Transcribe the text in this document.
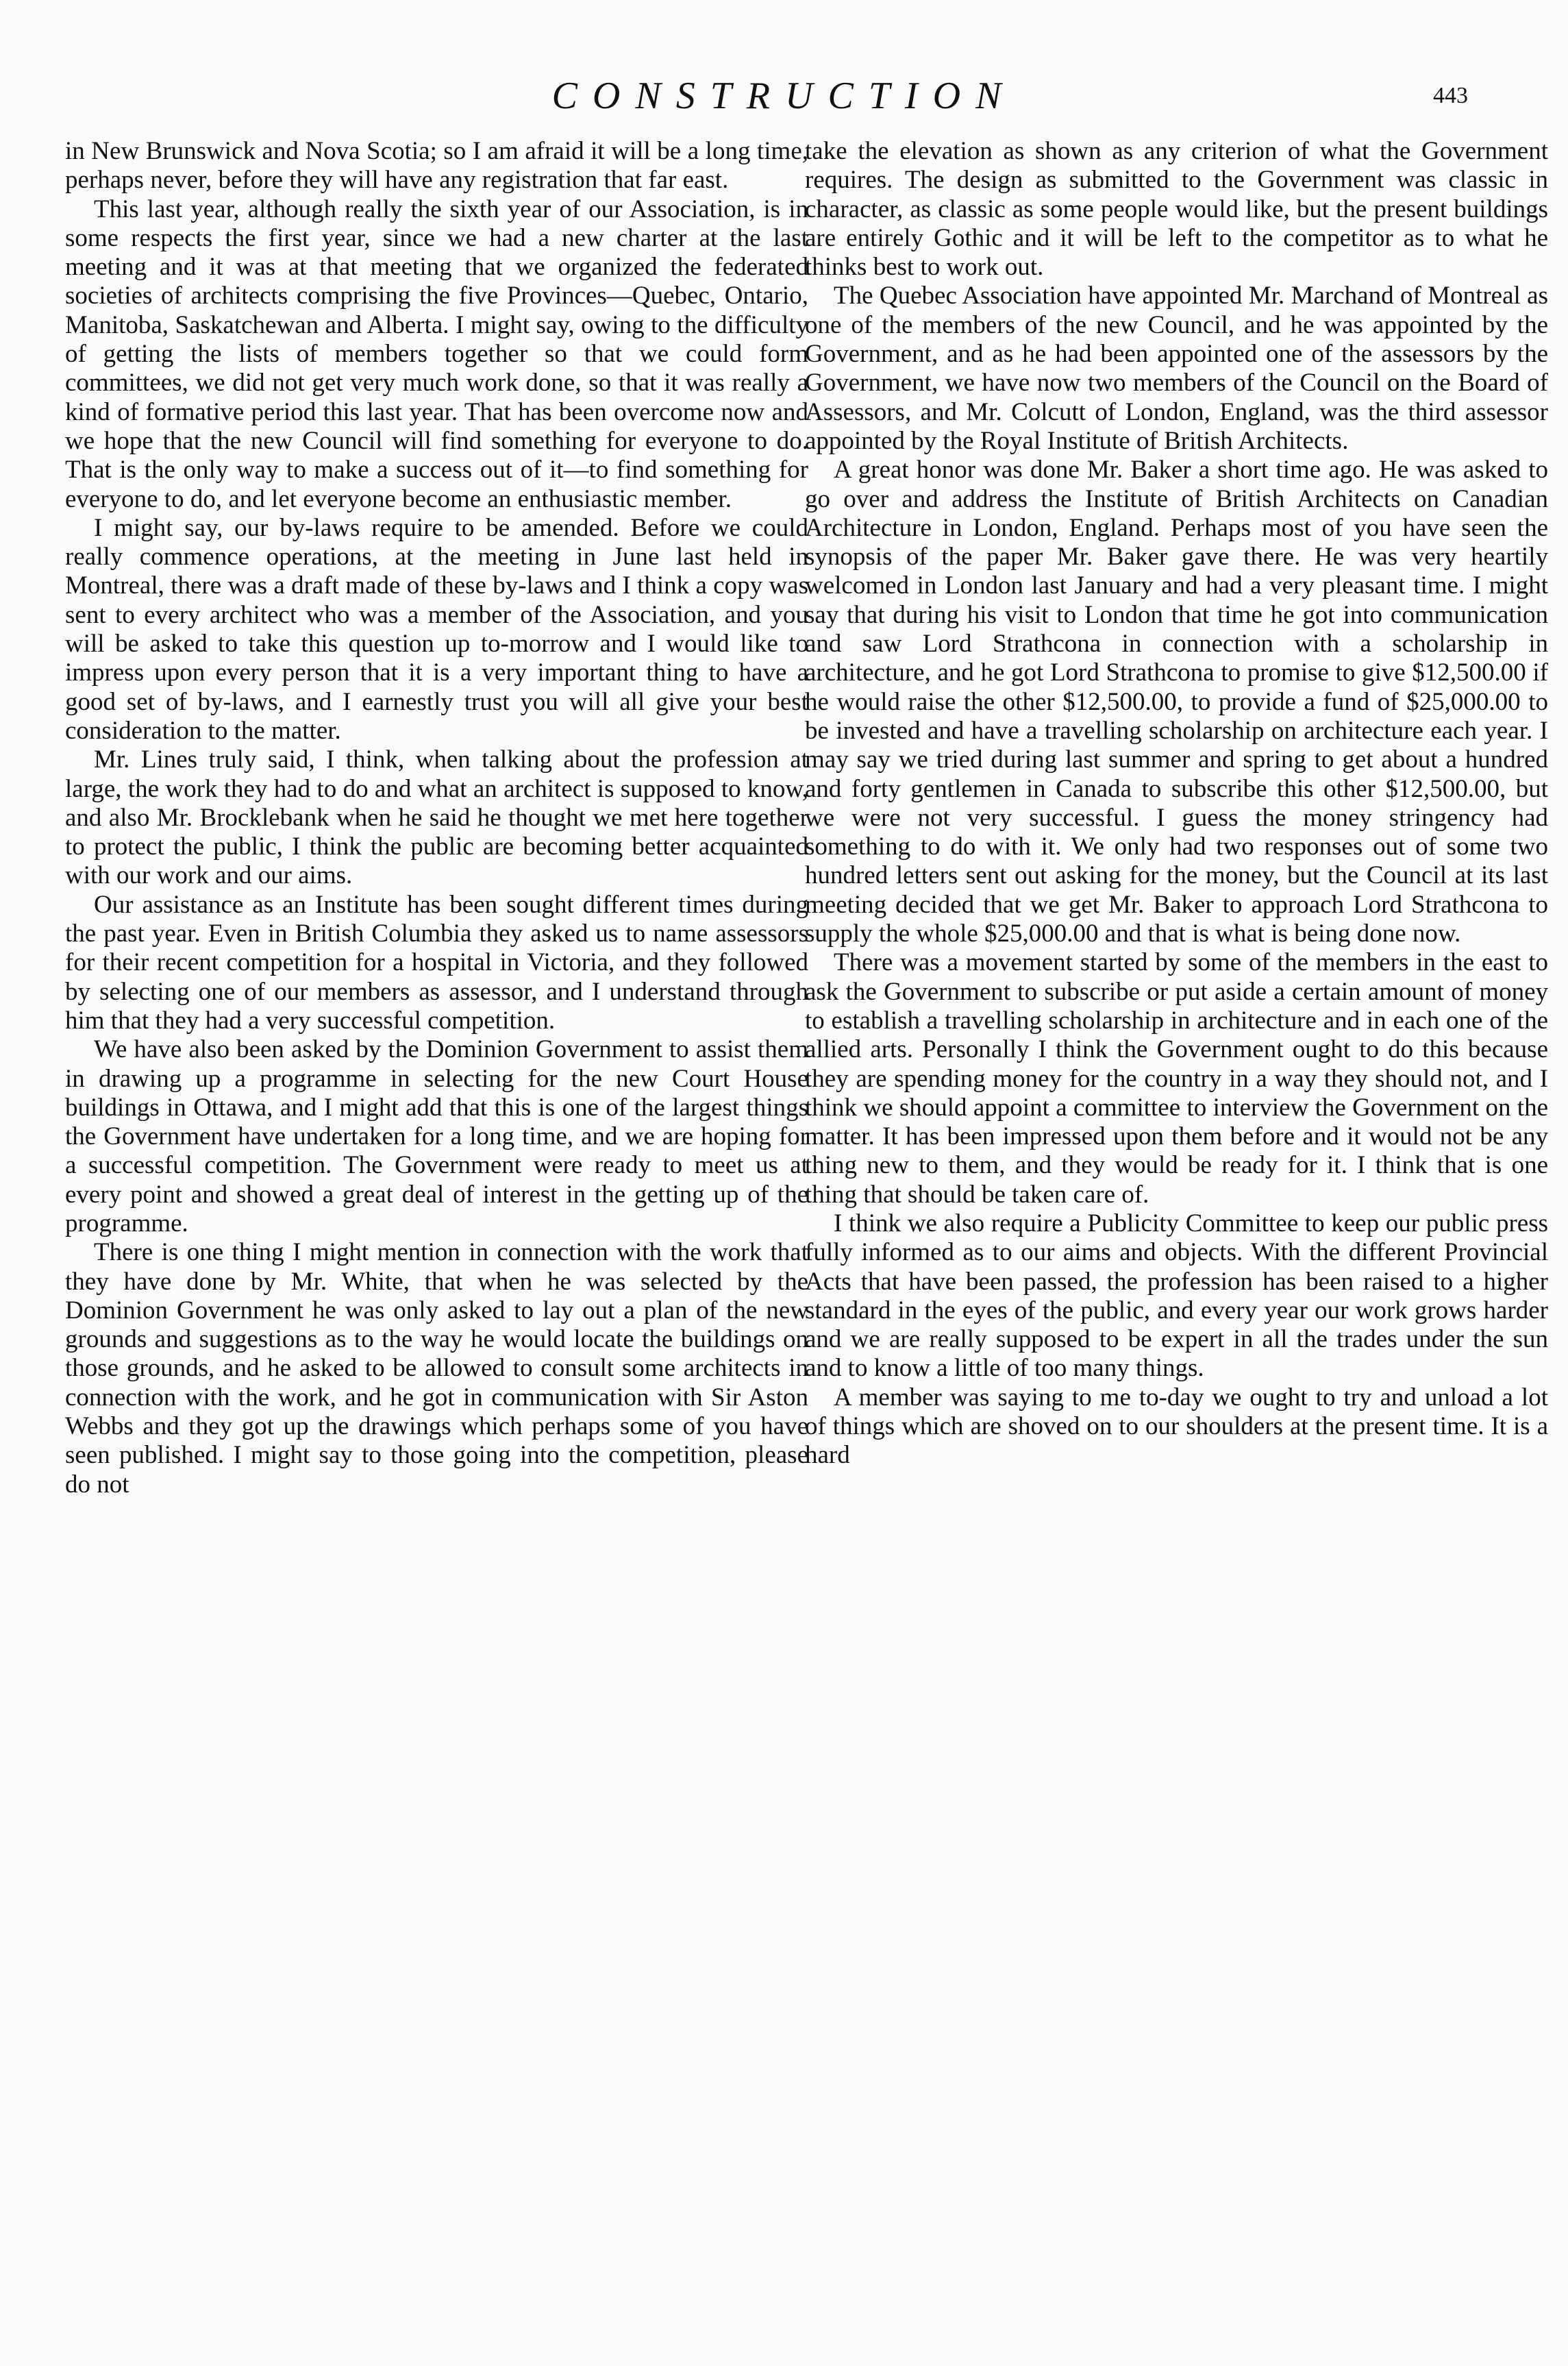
CONSTRUCTION	443

in New Brunswick and Nova Scotia; so I am afraid it will be a long time, perhaps never, before they will have any registration that far east.

This last year, although really the sixth year of our Association, is in some respects the first year, since we had a new charter at the last meeting and it was at that meeting that we organized the federated societies of architects comprising the five Provinces—Quebec, Ontario, Manitoba, Saskatchewan and Alberta. I might say, owing to the difficulty of getting the lists of members together so that we could form committees, we did not get very much work done, so that it was really a kind of formative period this last year. That has been overcome now and we hope that the new Council will find something for everyone to do. That is the only way to make a success out of it—to find something for everyone to do, and let everyone become an enthusiastic member.

I might say, our by-laws require to be amended. Before we could really commence operations, at the meeting in June last held in Montreal, there was a draft made of these by-laws and I think a copy was sent to every architect who was a member of the Association, and you will be asked to take this question up to-morrow and I would like to impress upon every person that it is a very important thing to have a good set of by-laws, and I earnestly trust you will all give your best consideration to the matter.

Mr. Lines truly said, I think, when talking about the profession at large, the work they had to do and what an architect is supposed to know, and also Mr. Brocklebank when he said he thought we met here together to protect the public, I think the public are becoming better acquainted with our work and our aims.

Our assistance as an Institute has been sought different times during the past year. Even in British Columbia they asked us to name assessors for their recent competition for a hospital in Victoria, and they followed by selecting one of our members as assessor, and I understand through him that they had a very successful competition.

We have also been asked by the Dominion Government to assist them in drawing up a programme in selecting for the new Court House buildings in Ottawa, and I might add that this is one of the largest things the Government have undertaken for a long time, and we are hoping for a successful competition. The Government were ready to meet us at every point and showed a great deal of interest in the getting up of the programme.

There is one thing I might mention in connection with the work that they have done by Mr. White, that when he was selected by the Dominion Government he was only asked to lay out a plan of the new grounds and suggestions as to the way he would locate the buildings on those grounds, and he asked to be allowed to consult some architects in connection with the work, and he got in communication with Sir Aston Webbs and they got up the drawings which perhaps some of you have seen published. I might say to those going into the competition, please do not

take the elevation as shown as any criterion of what the Government requires. The design as submitted to the Government was classic in character, as classic as some people would like, but the present buildings are entirely Gothic and it will be left to the competitor as to what he thinks best to work out.

The Quebec Association have appointed Mr. Marchand of Montreal as one of the members of the new Council, and he was appointed by the Government, and as he had been appointed one of the assessors by the Government, we have now two members of the Council on the Board of Assessors, and Mr. Colcutt of London, England, was the third assessor appointed by the Royal Institute of British Architects.

A great honor was done Mr. Baker a short time ago. He was asked to go over and address the Institute of British Architects on Canadian Architecture in London, England. Perhaps most of you have seen the synopsis of the paper Mr. Baker gave there. He was very heartily welcomed in London last January and had a very pleasant time. I might say that during his visit to London that time he got into communication and saw Lord Strathcona in connection with a scholarship in architecture, and he got Lord Strathcona to promise to give $12,500.00 if he would raise the other $12,500.00, to provide a fund of $25,000.00 to be invested and have a travelling scholarship on architecture each year. I may say we tried during last summer and spring to get about a hundred and forty gentlemen in Canada to subscribe this other $12,500.00, but we were not very successful. I guess the money stringency had something to do with it. We only had two responses out of some two hundred letters sent out asking for the money, but the Council at its last meeting decided that we get Mr. Baker to approach Lord Strathcona to supply the whole $25,000.00 and that is what is being done now.

There was a movement started by some of the members in the east to ask the Government to subscribe or put aside a certain amount of money to establish a travelling scholarship in architecture and in each one of the allied arts. Personally I think the Government ought to do this because they are spending money for the country in a way they should not, and I think we should appoint a committee to interview the Government on the matter. It has been impressed upon them before and it would not be any thing new to them, and they would be ready for it. I think that is one thing that should be taken care of.

I think we also require a Publicity Committee to keep our public press fully informed as to our aims and objects. With the different Provincial Acts that have been passed, the profession has been raised to a higher standard in the eyes of the public, and every year our work grows harder and we are really supposed to be expert in all the trades under the sun and to know a little of too many things.

A member was saying to me to-day we ought to try and unload a lot of things which are shoved on to our shoulders at the present time. It is a hard
